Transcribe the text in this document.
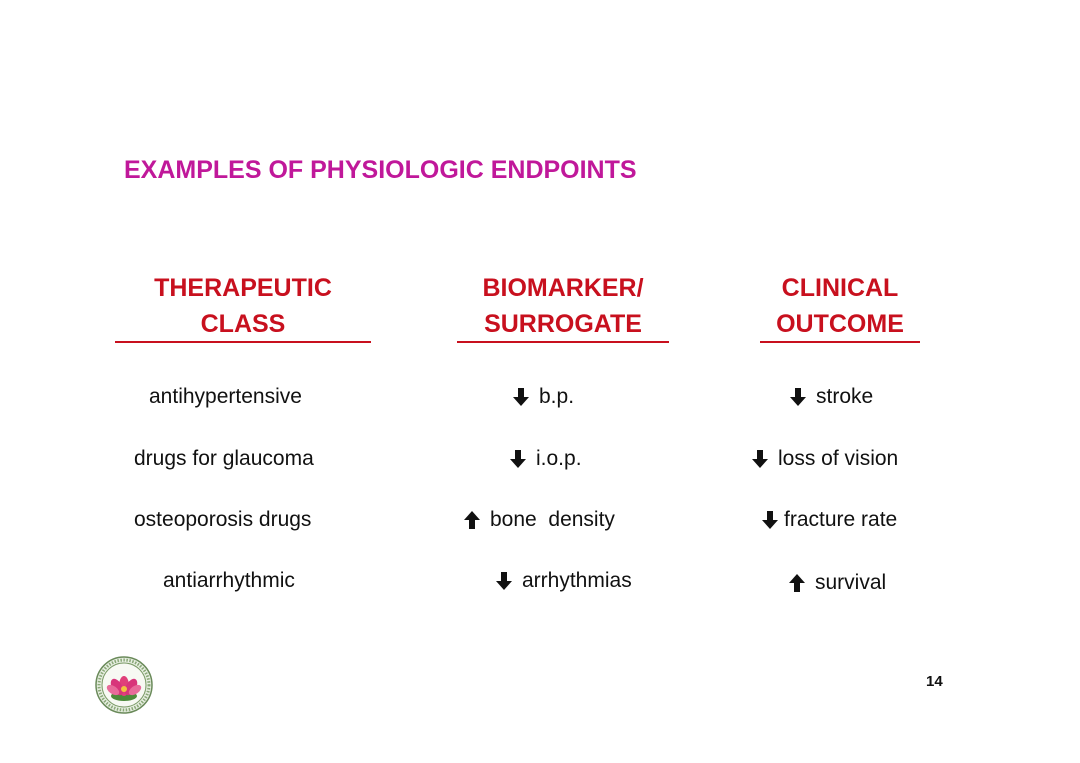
EXAMPLES OF PHYSIOLOGIC ENDPOINTS
THERAPEUTIC
CLASS
BIOMARKER/
SURROGATE
CLINICAL
OUTCOME
antihypertensive	b.p.	stroke
drugs for glaucoma	i.o.p.	loss of vision
osteoporosis drugs	bone  density	fracture rate
antiarrhythmic	arrhythmias	survival
14
